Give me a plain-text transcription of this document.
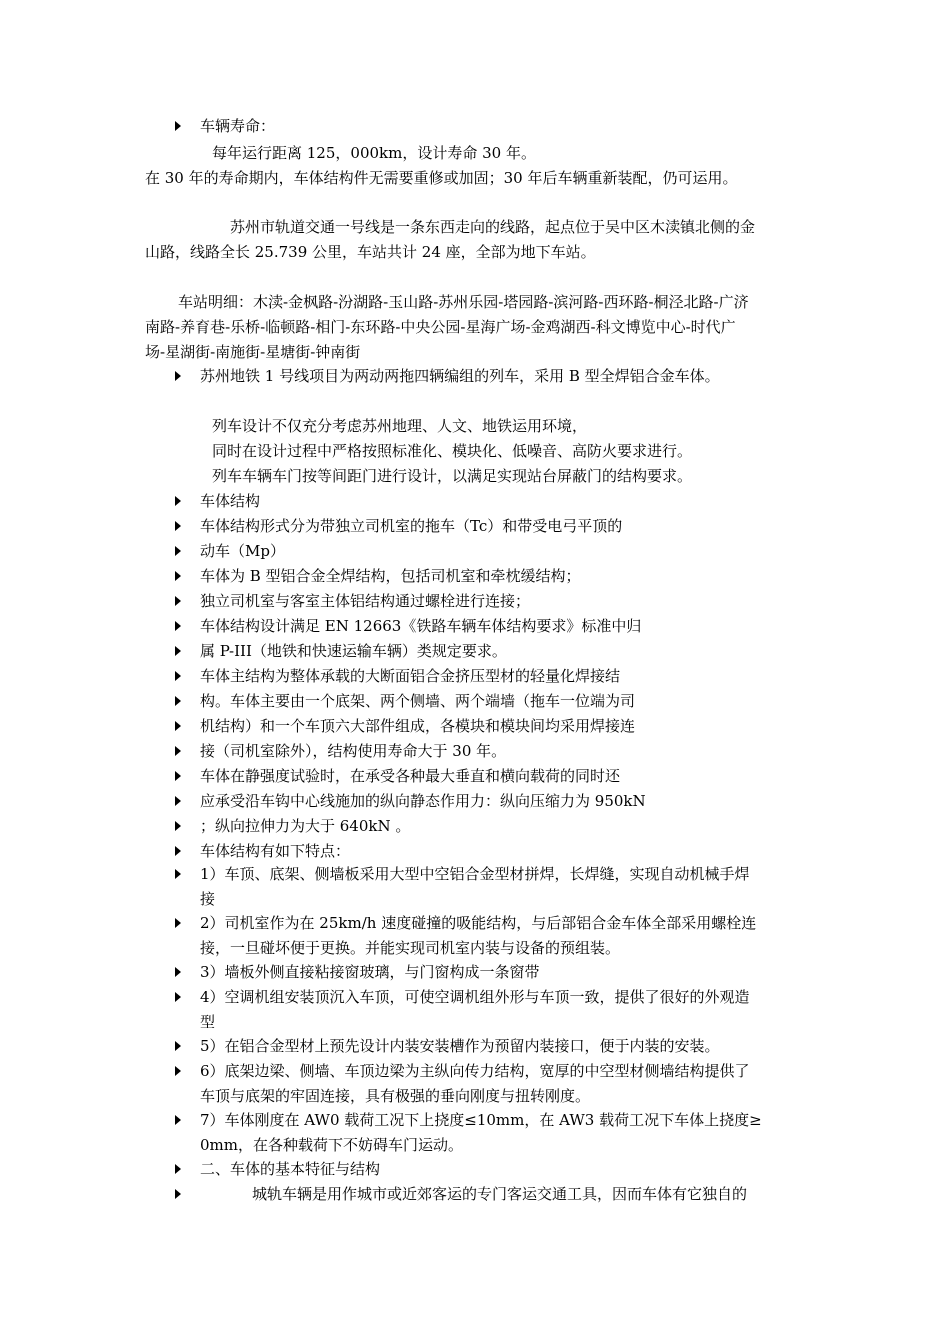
车辆寿命：
每年运行距离 125，000km，设计寿命 30 年。
在 30 年的寿命期内，车体结构件无需要重修或加固；30 年后车辆重新装配，仍可运用。
苏州市轨道交通一号线是一条东西走向的线路，起点位于吴中区木渎镇北侧的金
山路，线路全长 25.739 公里，车站共计 24 座，全部为地下车站。
车站明细：木渎-金枫路-汾湖路-玉山路-苏州乐园-塔园路-滨河路-西环路-桐泾北路-广济
南路-养育巷-乐桥-临顿路-相门-东环路-中央公园-星海广场-金鸡湖西-科文博览中心-时代广
场-星湖街-南施街-星塘街-钟南街
苏州地铁 1 号线项目为两动两拖四辆编组的列车，采用 B 型全焊铝合金车体。
列车设计不仅充分考虑苏州地理、人文、地铁运用环境，
同时在设计过程中严格按照标准化、模块化、低噪音、高防火要求进行。
列车车辆车门按等间距门进行设计，以满足实现站台屏蔽门的结构要求。
车体结构
车体结构形式分为带独立司机室的拖车（Tc）和带受电弓平顶的
动车（Mp）
车体为 B 型铝合金全焊结构，包括司机室和牵枕缓结构；
独立司机室与客室主体铝结构通过螺栓进行连接；
车体结构设计满足 EN 12663《铁路车辆车体结构要求》标准中归
属 P-III（地铁和快速运输车辆）类规定要求。
车体主结构为整体承载的大断面铝合金挤压型材的轻量化焊接结
构。车体主要由一个底架、两个侧墙、两个端墙（拖车一位端为司
机结构）和一个车顶六大部件组成，各模块和模块间均采用焊接连
接（司机室除外），结构使用寿命大于 30 年。
车体在静强度试验时，在承受各种最大垂直和横向载荷的同时还
应承受沿车钩中心线施加的纵向静态作用力：纵向压缩力为 950kN
；纵向拉伸力为大于 640kN 。
车体结构有如下特点：
1）车顶、底架、侧墙板采用大型中空铝合金型材拼焊，长焊缝，实现自动机械手焊
接
2）司机室作为在 25km/h 速度碰撞的吸能结构，与后部铝合金车体全部采用螺栓连
接，一旦碰坏便于更换。并能实现司机室内装与设备的预组装。
3）墙板外侧直接粘接窗玻璃，与门窗构成一条窗带
4）空调机组安装顶沉入车顶，可使空调机组外形与车顶一致，提供了很好的外观造
型
5）在铝合金型材上预先设计内装安装槽作为预留内装接口，便于内装的安装。
6）底架边梁、侧墙、车顶边梁为主纵向传力结构，宽厚的中空型材侧墙结构提供了
车顶与底架的牢固连接，具有极强的垂向刚度与扭转刚度。
7）车体刚度在 AW0 载荷工况下上挠度≤10mm，在 AW3 载荷工况下车体上挠度≥
0mm，在各种载荷下不妨碍车门运动。
二、车体的基本特征与结构
城轨车辆是用作城市或近郊客运的专门客运交通工具，因而车体有它独自的
